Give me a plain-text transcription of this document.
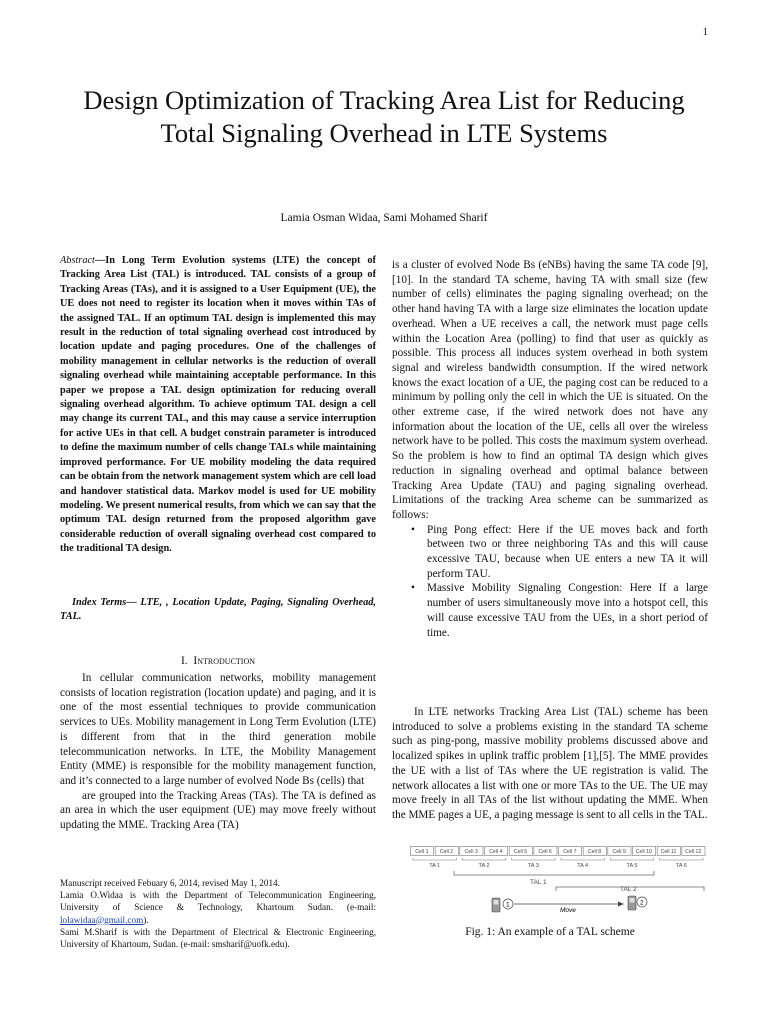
1
Design Optimization of Tracking Area List for Reducing Total Signaling Overhead in LTE Systems
Lamia Osman Widaa, Sami Mohamed Sharif
Abstract—In Long Term Evolution systems (LTE) the concept of Tracking Area List (TAL) is introduced. TAL consists of a group of Tracking Areas (TAs), and it is assigned to a User Equipment (UE), the UE does not need to register its location when it moves within TAs of the assigned TAL. If an optimum TAL design is implemented this may result in the reduction of total signaling overhead cost introduced by location update and paging procedures. One of the challenges of mobility management in cellular networks is the reduction of overall signaling overhead while maintaining acceptable performance. In this paper we propose a TAL design optimization for reducing overall signaling overhead algorithm. To achieve optimum TAL design a cell may change its current TAL, and this may cause a service interruption for active UEs in that cell. A budget constrain parameter is introduced to define the maximum number of cells change TALs while maintaining improved performance. For UE mobility modeling the data required can be obtain from the network management system which are cell load and handover statistical data. Markov model is used for UE mobility modeling. We present numerical results, from which we can say that the optimum TAL design returned from the proposed algorithm gave considerable reduction of overall signaling overhead cost compared to the traditional TA design.
Index Terms— LTE, , Location Update, Paging, Signaling Overhead, TAL.
I. Introduction
In cellular communication networks, mobility management consists of location registration (location update) and paging, and it is one of the most essential techniques to provide communication services to UEs. Mobility management in Long Term Evolution (LTE) is different from that in the third generation mobile telecommunication networks. In LTE, the Mobility Management Entity (MME) is responsible for the mobility management function, and it’s connected to a large number of evolved Node Bs (cells) that
are grouped into the Tracking Areas (TAs). The TA is defined as an area in which the user equipment (UE) may move freely without updating the MME. Tracking Area (TA)
Manuscript received Febuary 6, 2014, revised May 1, 2014.
Lamia O.Widaa is with the Department of Telecommunication Engineering, University of Science & Technology, Khartoum Sudan. (e-mail: lolawidaa@gmail.com).
Sami M.Sharif is with the Department of Electrical & Electronic Engineering, University of Khartoum, Sudan. (e-mail: smsharif@uofk.edu).
is a cluster of evolved Node Bs (eNBs) having the same TA code [9],[10]. In the standard TA scheme, having TA with small size (few number of cells) eliminates the paging signaling overhead; on the other hand having TA with a large size eliminates the location update overhead. When a UE receives a call, the network must page cells within the Location Area (polling) to find that user as quickly as possible. This process all induces system overhead in both system signal and wireless bandwidth consumption. If the wired network knows the exact location of a UE, the paging cost can be reduced to a minimum by polling only the cell in which the UE is situated. On the other extreme case, if the wired network does not have any information about the location of the UE, cells all over the wireless network have to be polled. This costs the maximum system overhead. So the problem is how to find an optimal TA design which gives reduction in signaling overhead and optimal balance between Tracking Area Update (TAU) and paging signaling overhead. Limitations of the tracking Area scheme can be summarized as follows:
• Ping Pong effect: Here if the UE moves back and forth between two or three neighboring TAs and this will cause excessive TAU, because when UE enters a new TA it will perform TAU.
• Massive Mobility Signaling Congestion: Here If a large number of users simultaneously move into a hotspot cell, this will cause excessive TAU from the UEs, in a short period of time.
In LTE networks Tracking Area List (TAL) scheme has been introduced to solve a problems existing in the standard TA scheme such as ping-pong, massive mobility problems discussed above and localized spikes in uplink traffic problem [1],[5]. The MME provides the UE with a list of TAs where the UE registration is valid. The network allocates a list with one or more TAs to the UE. The UE may move freely in all TAs of the list without updating the MME. When the MME pages a UE, a paging message is sent to all cells in the TAL.
Cell 1 Cell 2 Cell 3 Cell 4 Cell 5 Cell 6 Cell 7 Cell 8 Cell 9 Cell 10 Cell 11 Cell 12
TA 1	TA 2	TA 3	TA 4	TA 5	TA 6
TAL 1
TAL 2
1
Move
2
Fig. 1: An example of a TAL scheme
